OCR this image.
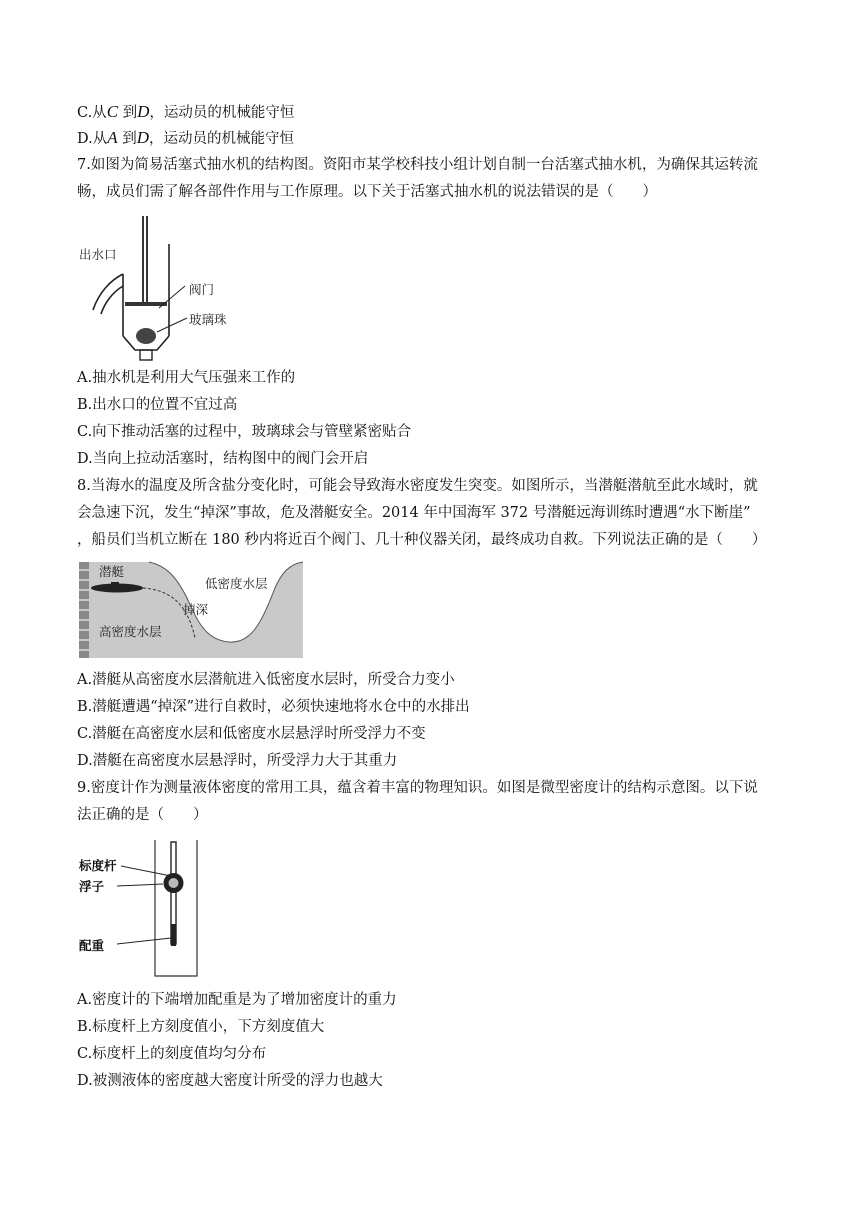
C.从C 到D，运动员的机械能守恒
D.从A 到D，运动员的机械能守恒
7.如图为简易活塞式抽水机的结构图。资阳市某学校科技小组计划自制一台活塞式抽水机，为确保其运转流
畅，成员们需了解各部件作用与工作原理。以下关于活塞式抽水机的说法错误的是（　　）
出水口
阀门
玻璃珠
A.抽水机是利用大气压强来工作的
B.出水口的位置不宜过高
C.向下推动活塞的过程中，玻璃球会与管壁紧密贴合
D.当向上拉动活塞时，结构图中的阀门会开启
8.当海水的温度及所含盐分变化时，可能会导致海水密度发生突变。如图所示，当潜艇潜航至此水域时，就
会急速下沉，发生“掉深”事故，危及潜艇安全。2014 年中国海军 372 号潜艇远海训练时遭遇“水下断崖”
，船员们当机立断在 180 秒内将近百个阀门、几十种仪器关闭，最终成功自救。下列说法正确的是（　　）
潜艇
低密度水层
掉深
高密度水层
A.潜艇从高密度水层潜航进入低密度水层时，所受合力变小
B.潜艇遭遇“掉深”进行自救时，必须快速地将水仓中的水排出
C.潜艇在高密度水层和低密度水层悬浮时所受浮力不变
D.潜艇在高密度水层悬浮时，所受浮力大于其重力
9.密度计作为测量液体密度的常用工具，蕴含着丰富的物理知识。如图是微型密度计的结构示意图。以下说
法正确的是（　　）
标度杆
浮子
配重
A.密度计的下端增加配重是为了增加密度计的重力
B.标度杆上方刻度值小，下方刻度值大
C.标度杆上的刻度值均匀分布
D.被测液体的密度越大密度计所受的浮力也越大
